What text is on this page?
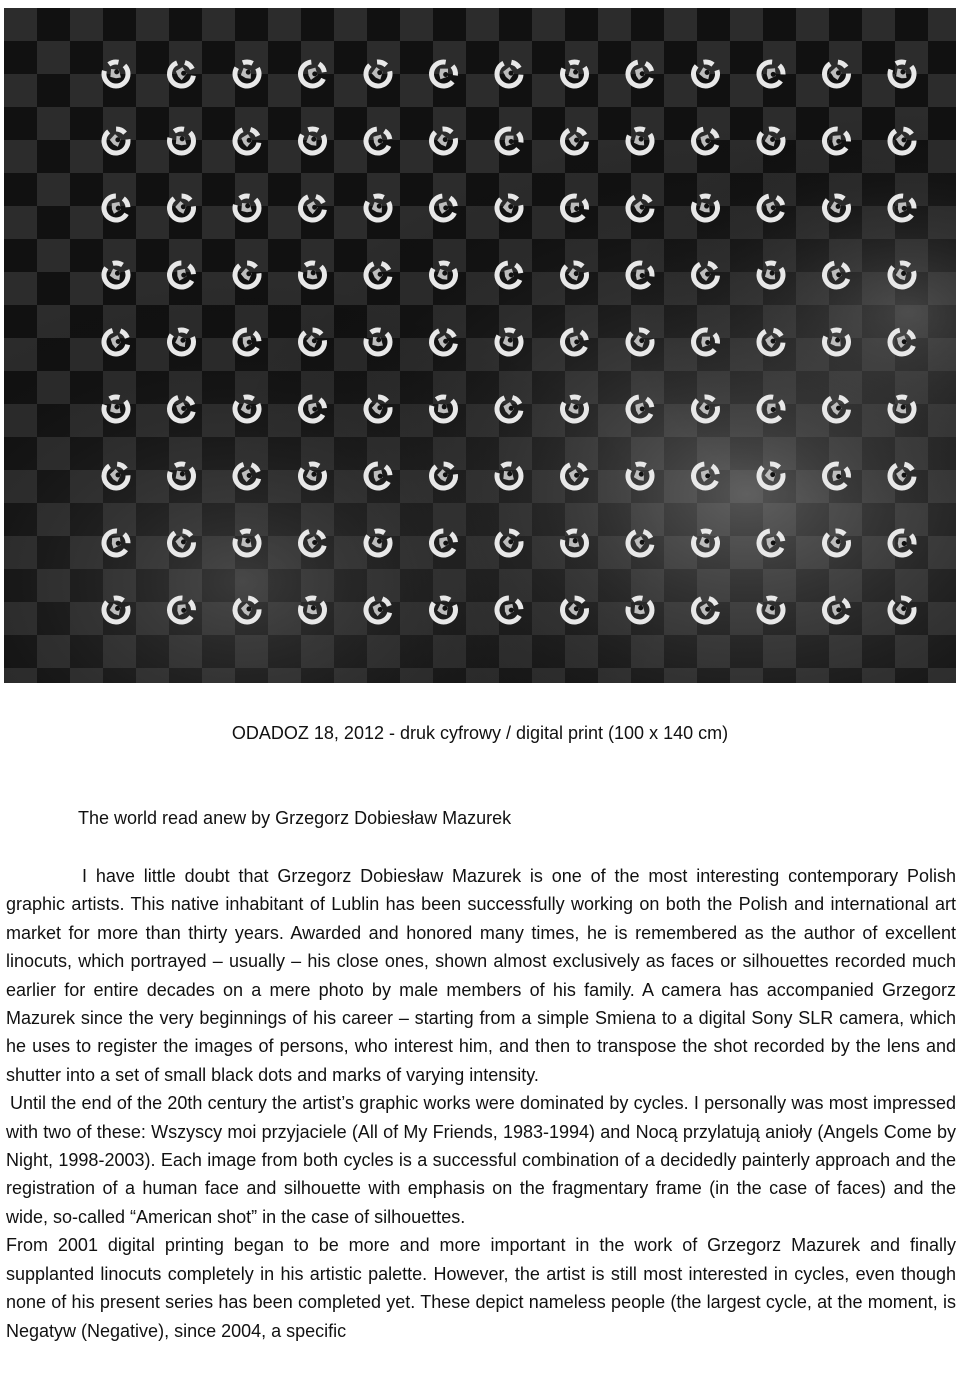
ODADOZ 18, 2012 - druk cyfrowy / digital print (100 x 140 cm)
The world read anew by Grzegorz Dobiesław Mazurek

I have little doubt that Grzegorz Dobiesław Mazurek is one of the most interesting contemporary Polish graphic artists. This native inhabitant of Lublin has been successfully working on both the Polish and international art market for more than thirty years. Awarded and honored many times, he is remembered as the author of excellent linocuts, which portrayed – usually – his close ones, shown almost exclusively as faces or silhouettes recorded much earlier for entire decades on a mere photo by male members of his family. A camera has accompanied Grzegorz Mazurek since the very beginnings of his career – starting from a simple Smiena to a digital Sony SLR camera, which he uses to register the images of persons, who interest him, and then to transpose the shot recorded by the lens and shutter into a set of small black dots and marks of varying intensity.

Until the end of the 20th century the artist’s graphic works were dominated by cycles. I personally was most impressed with two of these: Wszyscy moi przyjaciele (All of My Friends, 1983-1994) and Nocą przylatują anioły (Angels Come by Night, 1998-2003). Each image from both cycles is a successful combination of a decidedly painterly approach and the registration of a human face and silhouette with emphasis on the fragmentary frame (in the case of faces) and the wide, so-called “American shot” in the case of silhouettes.

From 2001 digital printing began to be more and more important in the work of Grzegorz Mazurek and finally supplanted linocuts completely in his artistic palette. However, the artist is still most interested in cycles, even though none of his present series has been completed yet. These depict nameless people (the largest cycle, at the moment, is Negatyw (Negative), since 2004, a specific
